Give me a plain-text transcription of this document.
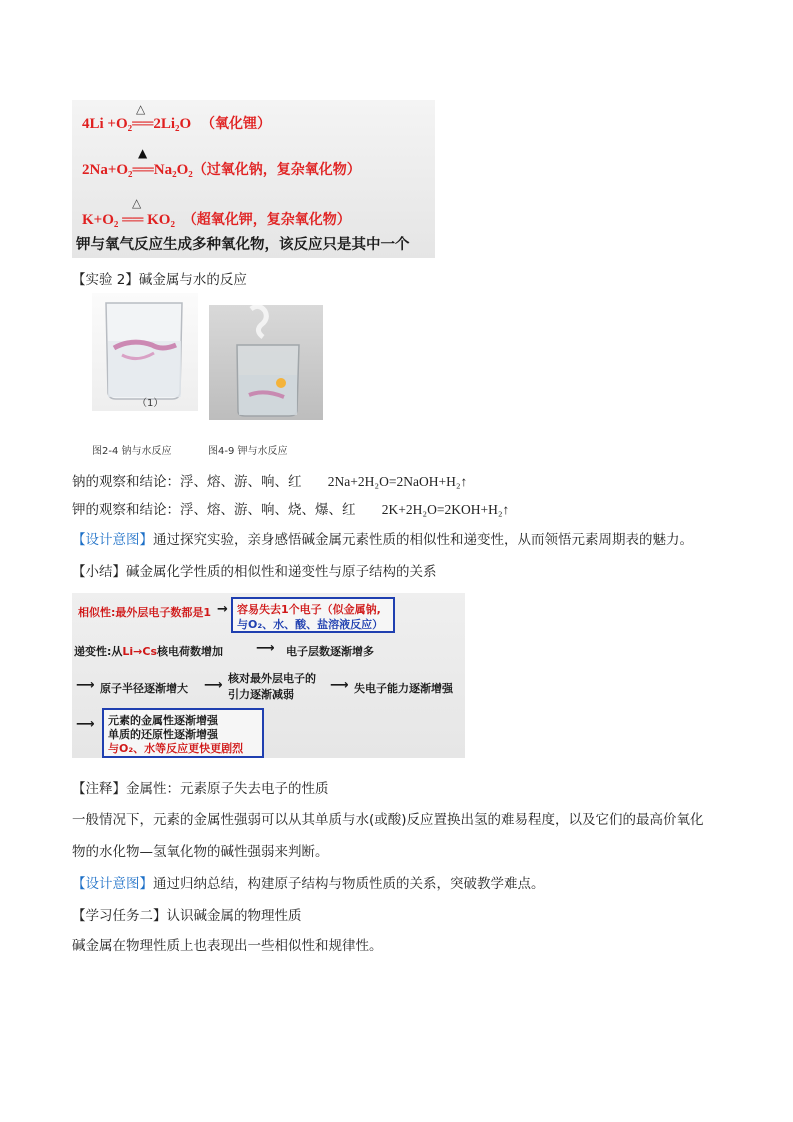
△
4Li +O₂══2Li₂O （氧化锂）
▲
2Na+O₂══Na₂O₂（过氧化钠，复杂氧化物）
△
K+O₂ ══ KO₂ （超氧化钾，复杂氧化物）
钾与氧气反应生成多种氧化物，该反应只是其中一个
【实验 2】碱金属与水的反应
（1）
图2-4 钠与水反应	图4-9 钾与水反应
钠的观察和结论：浮、熔、游、响、红 2Na+2H₂O=2NaOH+H₂↑
钾的观察和结论：浮、熔、游、响、烧、爆、红 2K+2H₂O=2KOH+H₂↑
【设计意图】通过探究实验，亲身感悟碱金属元素性质的相似性和递变性，从而领悟元素周期表的魅力。
【小结】碱金属化学性质的相似性和递变性与原子结构的关系
相似性:最外层电子数都是1 → 容易失去1个电子（似金属钠,
与O₂、水、酸、盐溶液反应）
递变性:从Li→Cs核电荷数增加	⟶ 电子层数逐渐增多
⟶ 原子半径逐渐增大 ⟶ 核对最外层电子的
引力逐渐减弱
⟶ 失电子能力逐渐增强
⟶ 元素的金属性逐渐增强
单质的还原性逐渐增强
与O₂、水等反应更快更剧烈
【注释】金属性：元素原子失去电子的性质
一般情况下，元素的金属性强弱可以从其单质与水(或酸)反应置换出氢的难易程度，以及它们的最高价氧化
物的水化物—氢氧化物的碱性强弱来判断。
【设计意图】通过归纳总结，构建原子结构与物质性质的关系，突破教学难点。
【学习任务二】认识碱金属的物理性质
碱金属在物理性质上也表现出一些相似性和规律性。
